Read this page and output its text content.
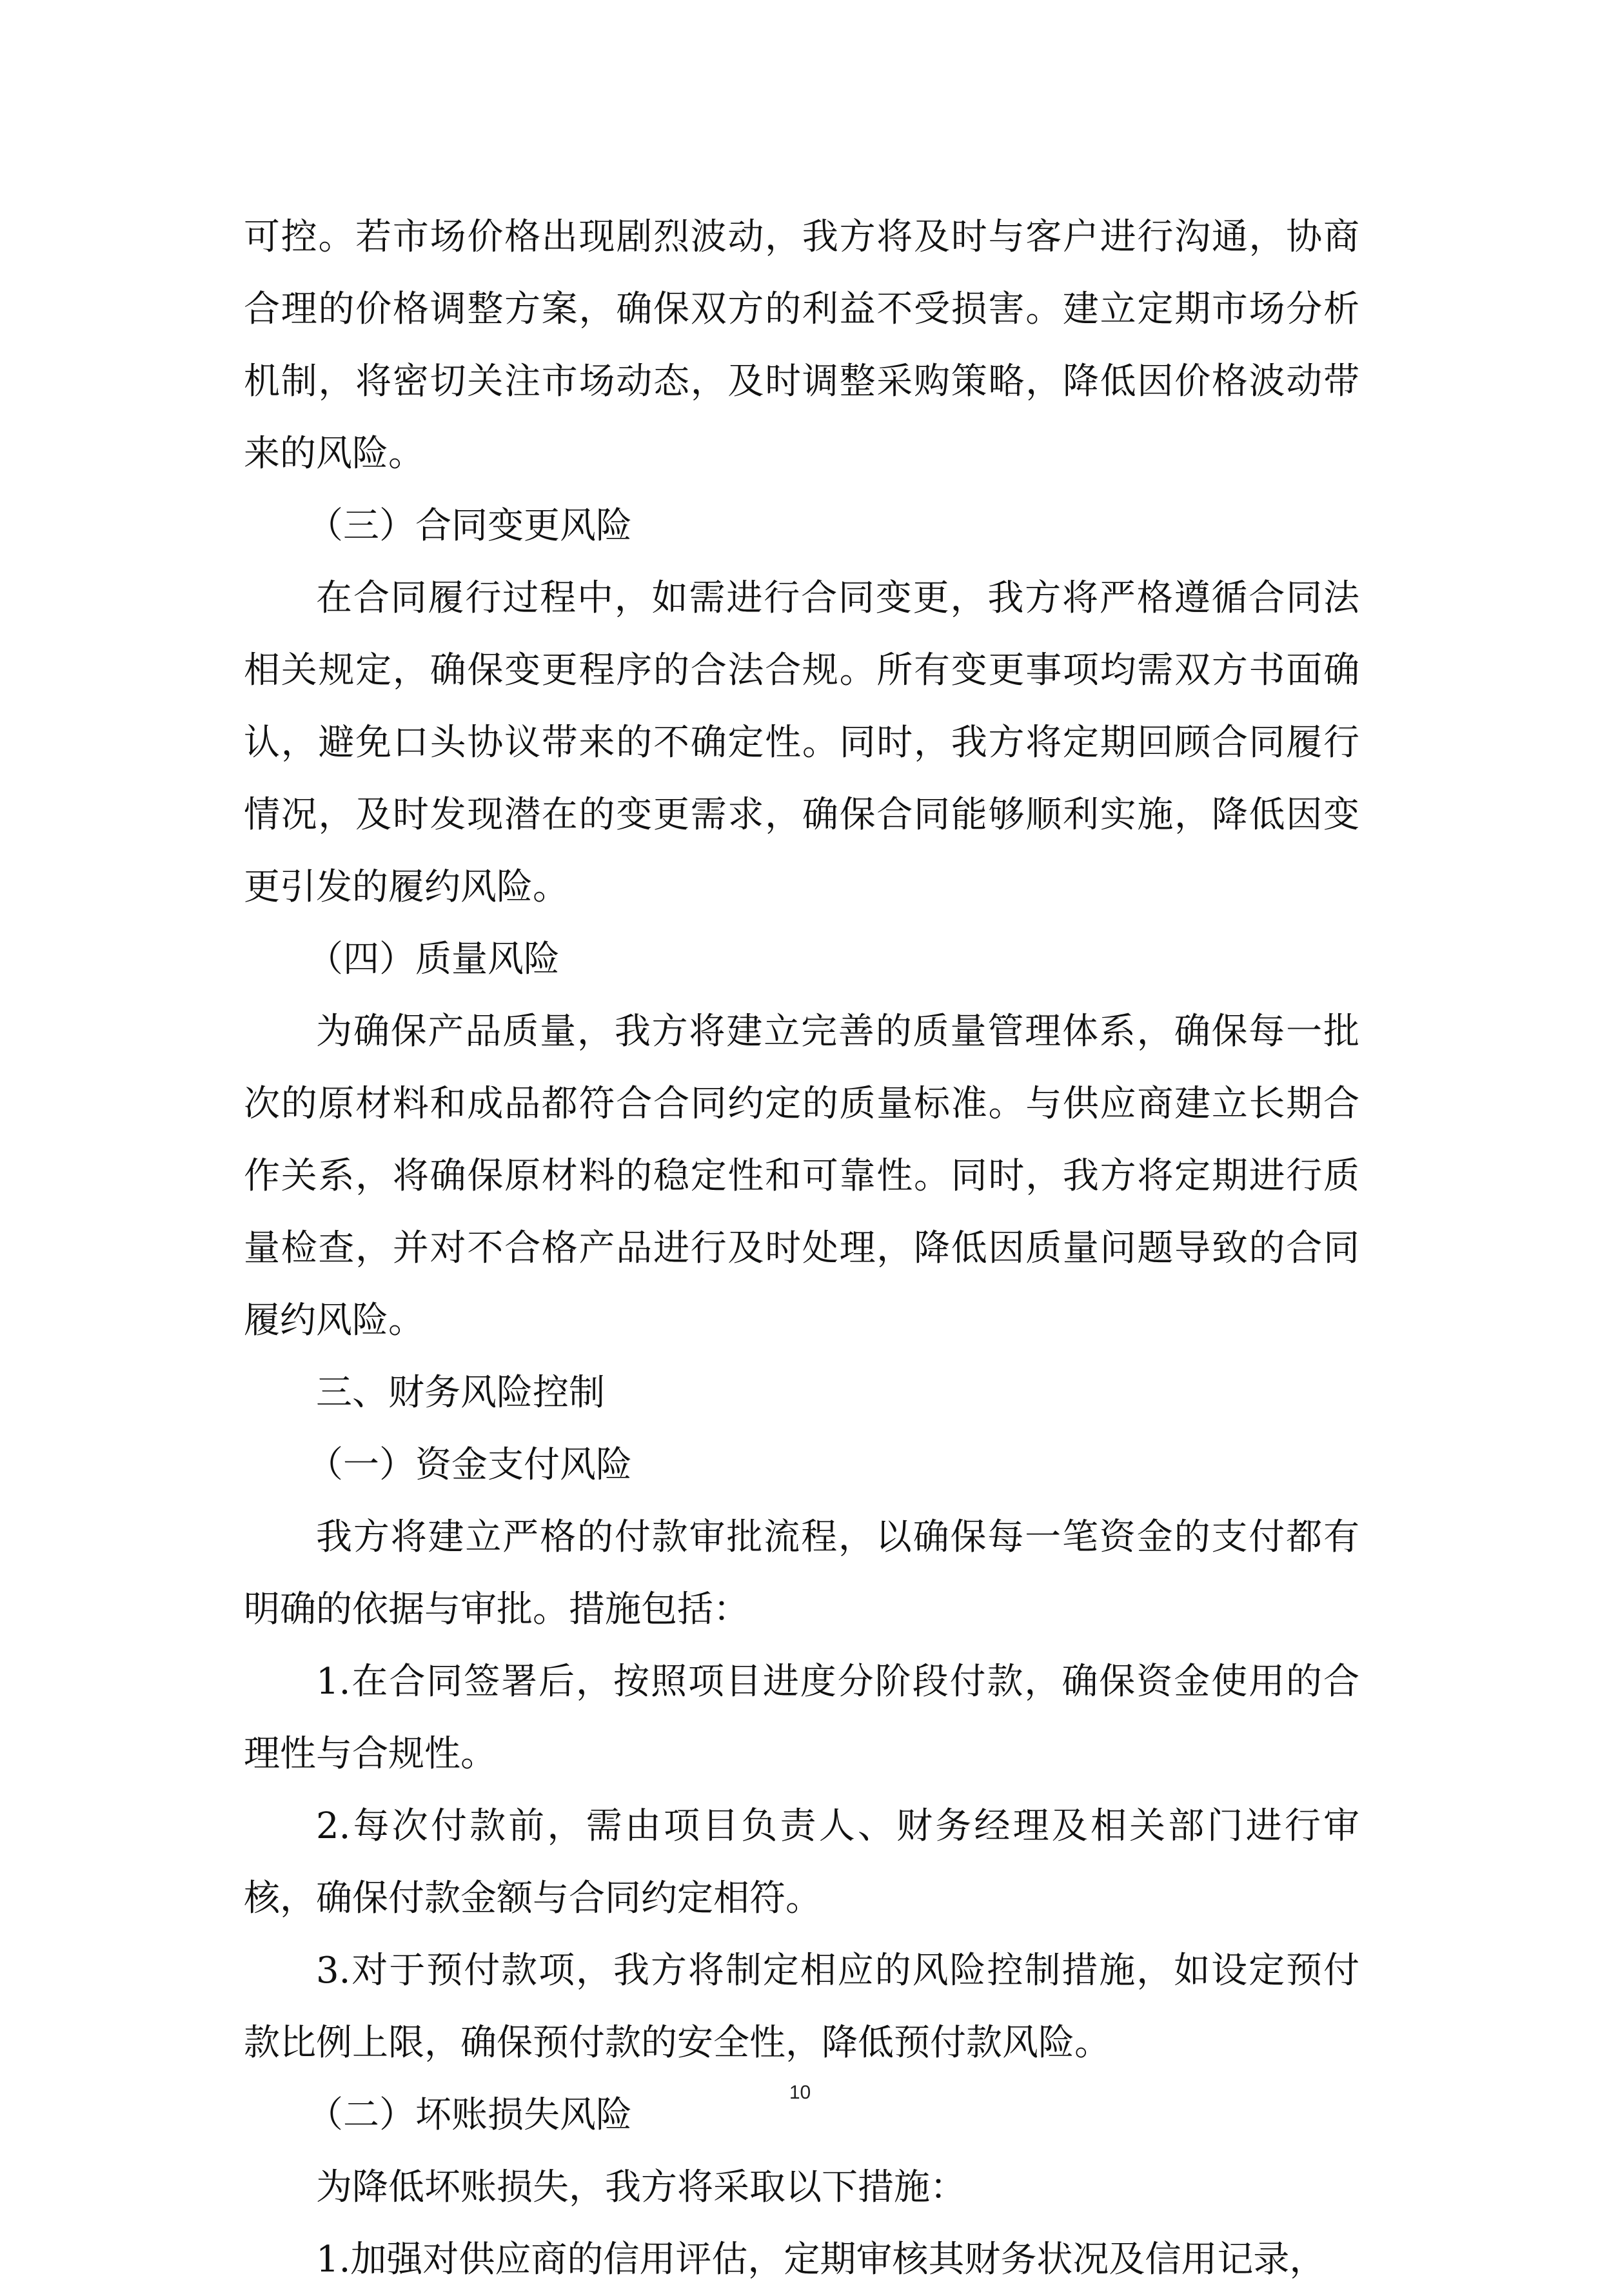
可控。若市场价格出现剧烈波动，我方将及时与客户进行沟通，协商合理的价格调整方案，确保双方的利益不受损害。建立定期市场分析机制，将密切关注市场动态，及时调整采购策略，降低因价格波动带来的风险。

（三）合同变更风险

在合同履行过程中，如需进行合同变更，我方将严格遵循合同法相关规定，确保变更程序的合法合规。所有变更事项均需双方书面确认，避免口头协议带来的不确定性。同时，我方将定期回顾合同履行情况，及时发现潜在的变更需求，确保合同能够顺利实施，降低因变更引发的履约风险。

（四）质量风险

为确保产品质量，我方将建立完善的质量管理体系，确保每一批次的原材料和成品都符合合同约定的质量标准。与供应商建立长期合作关系，将确保原材料的稳定性和可靠性。同时，我方将定期进行质量检查，并对不合格产品进行及时处理，降低因质量问题导致的合同履约风险。

三、财务风险控制

（一）资金支付风险

我方将建立严格的付款审批流程，以确保每一笔资金的支付都有明确的依据与审批。措施包括：

1.在合同签署后，按照项目进度分阶段付款，确保资金使用的合理性与合规性。

2.每次付款前，需由项目负责人、财务经理及相关部门进行审核，确保付款金额与合同约定相符。

3.对于预付款项，我方将制定相应的风险控制措施，如设定预付款比例上限，确保预付款的安全性，降低预付款风险。

（二）坏账损失风险

为降低坏账损失，我方将采取以下措施：

1.加强对供应商的信用评估，定期审核其财务状况及信用记录，

10
